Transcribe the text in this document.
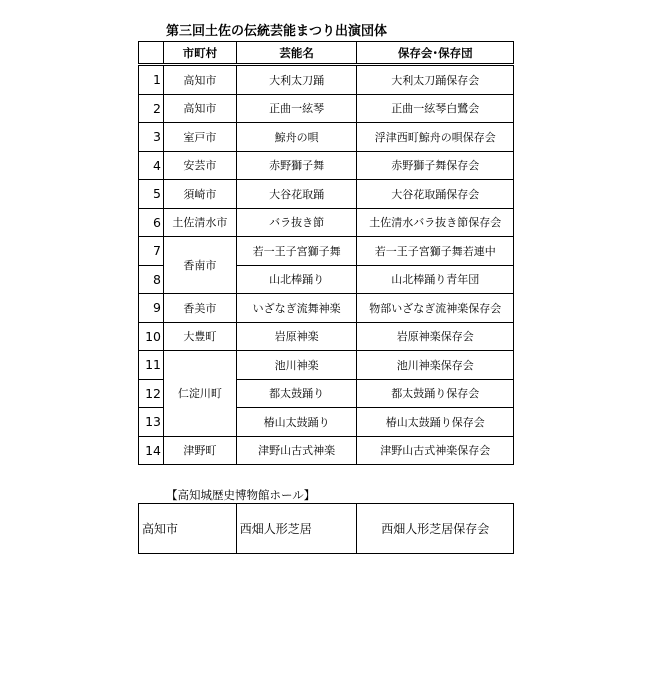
第三回土佐の伝統芸能まつり出演団体
	市町村	芸能名	保存会･保存団
1	高知市	大利太刀踊	大利太刀踊保存会
2	高知市	正曲一絃琴	正曲一絃琴白鷺会
3	室戸市	鯨舟の唄	浮津西町鯨舟の唄保存会
4	安芸市	赤野獅子舞	赤野獅子舞保存会
5	須崎市	大谷花取踊	大谷花取踊保存会
6	土佐清水市	バラ抜き節	土佐清水バラ抜き節保存会
7	香南市	若一王子宮獅子舞	若一王子宮獅子舞若連中
8		山北棒踊り	山北棒踊り青年団
9	香美市	いざなぎ流舞神楽	物部いざなぎ流神楽保存会
10	大豊町	岩原神楽	岩原神楽保存会
11	仁淀川町	池川神楽	池川神楽保存会
12		都太鼓踊り	都太鼓踊り保存会
13		椿山太鼓踊り	椿山太鼓踊り保存会
14	津野町	津野山古式神楽	津野山古式神楽保存会
【高知城歴史博物館ホール】
高知市	西畑人形芝居	西畑人形芝居保存会
